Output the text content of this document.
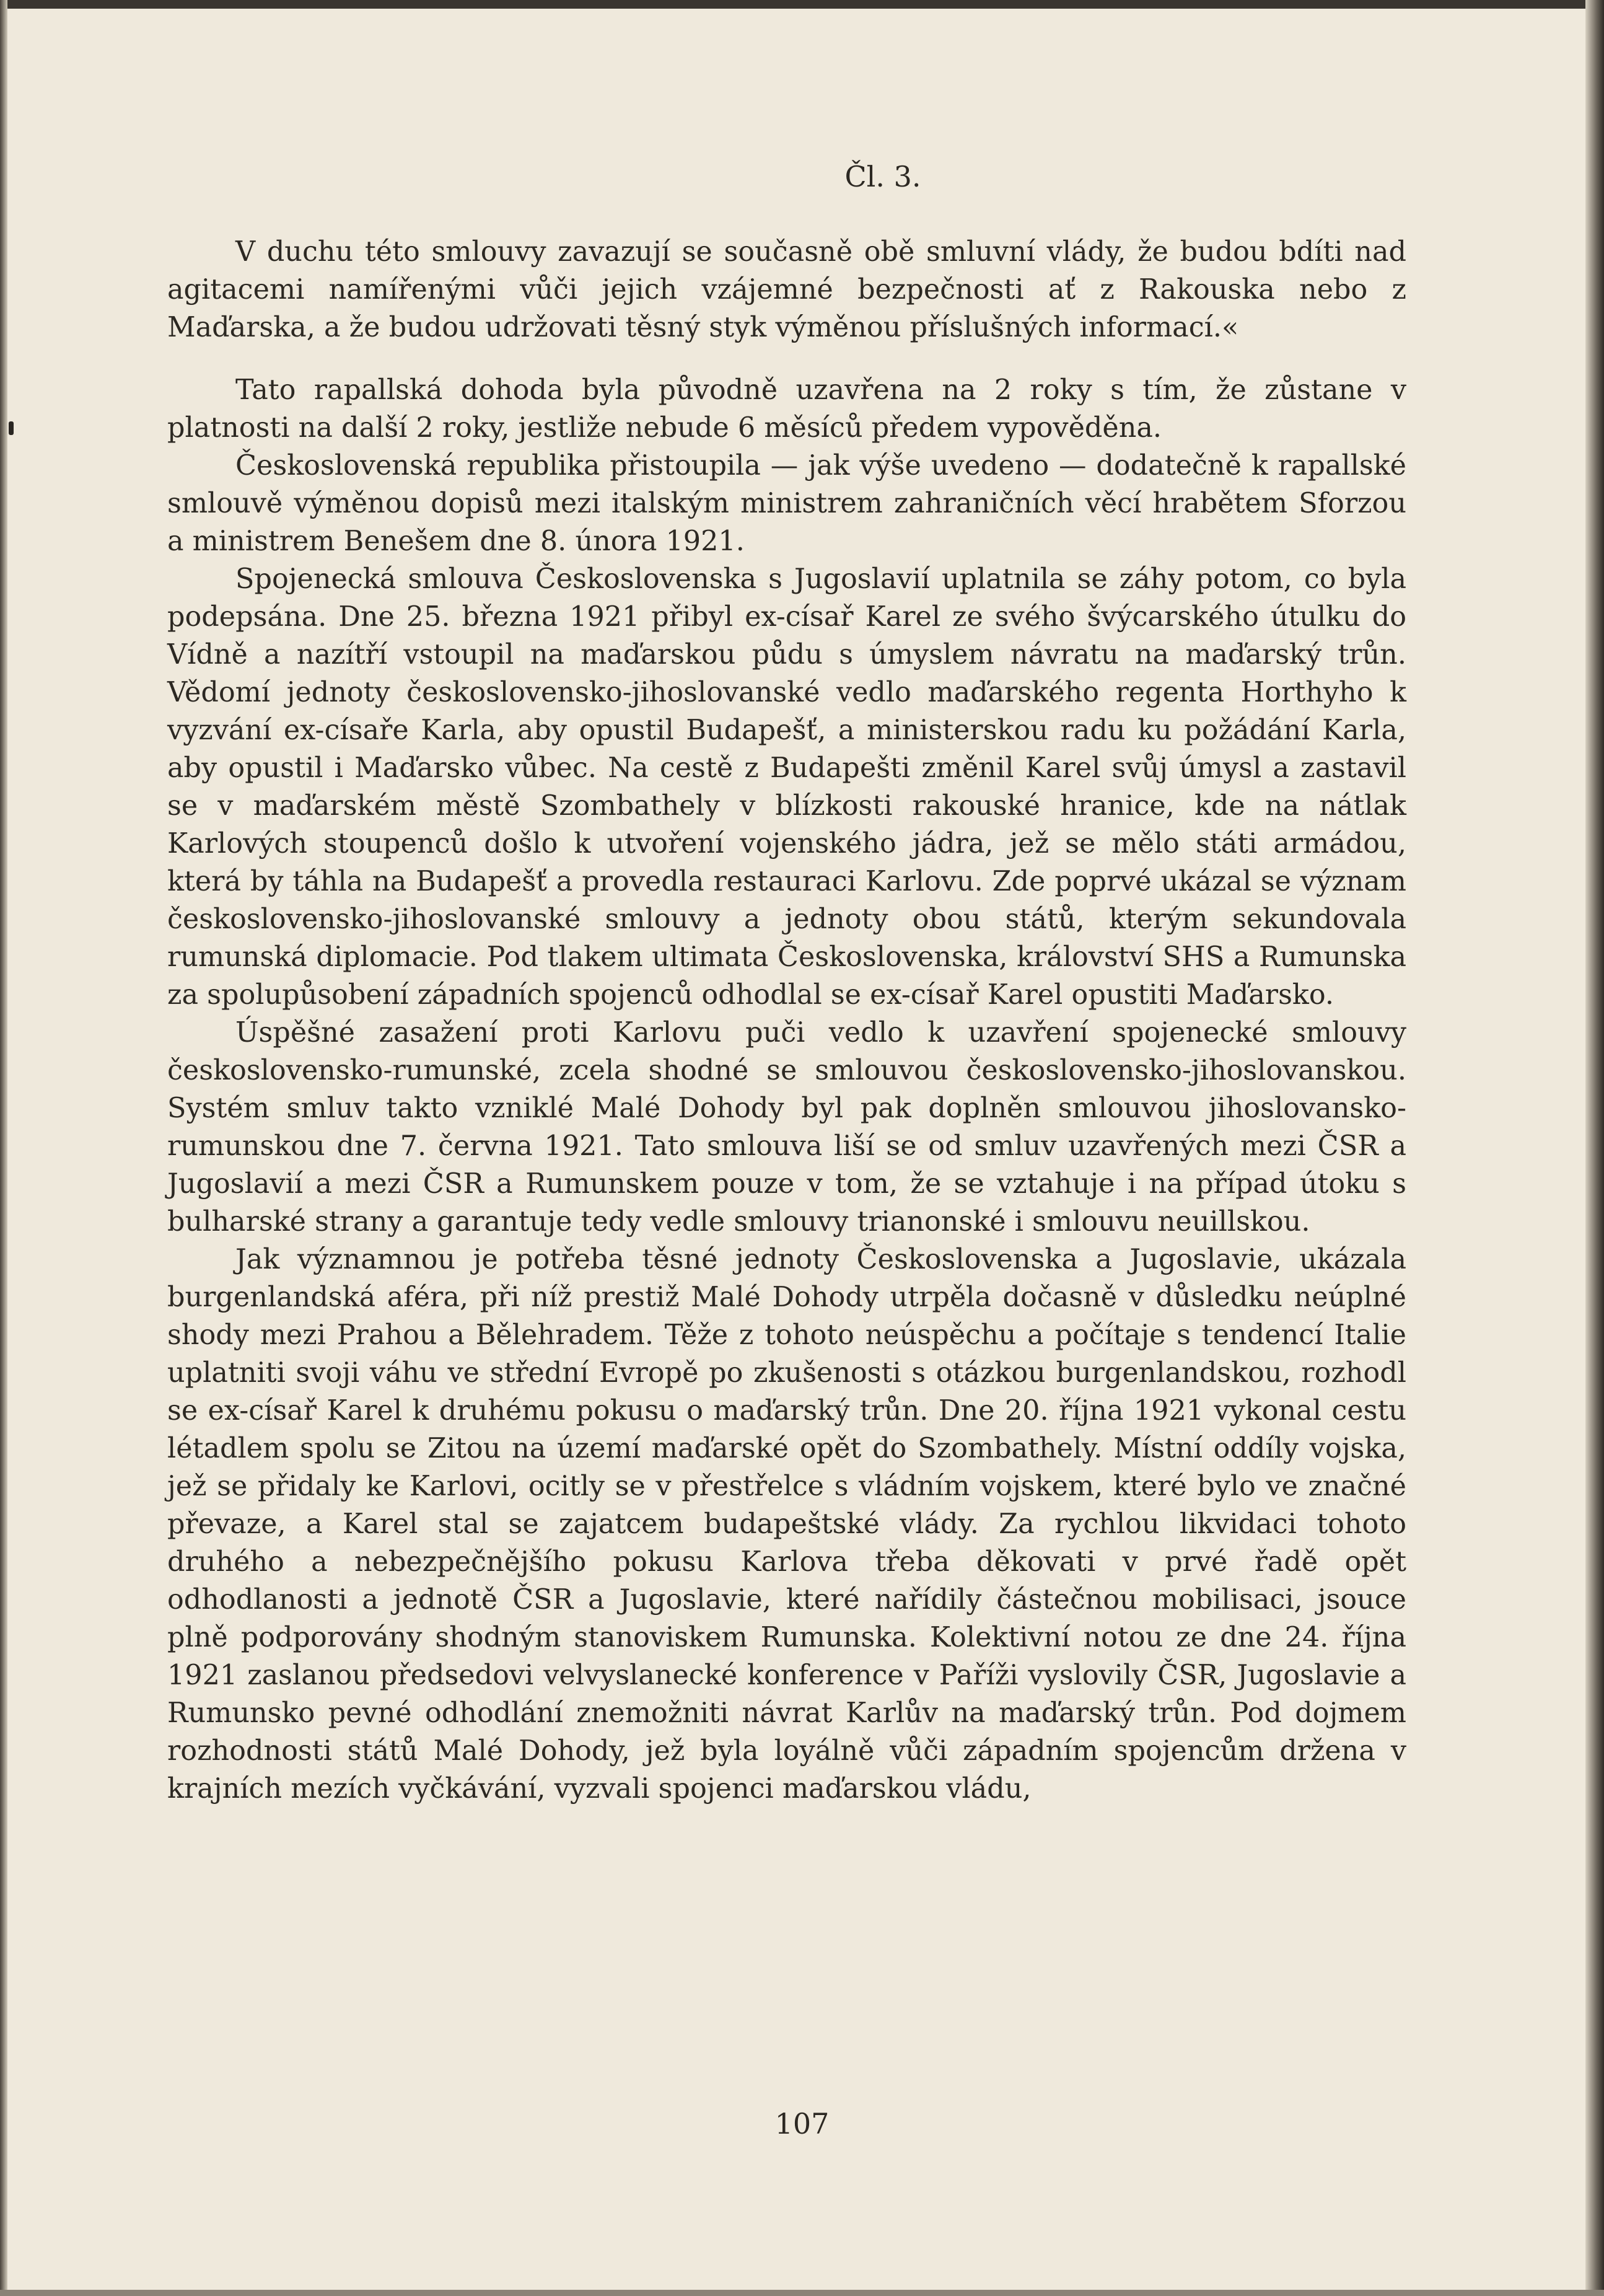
Čl. 3.

V duchu této smlouvy zavazují se současně obě smluvní vlády, že budou bdíti nad agitacemi namířenými vůči jejich vzájemné bezpečnosti ať z Rakouska nebo z Maďarska, a že budou udržovati těsný styk výměnou příslušných informací.«

Tato rapallská dohoda byla původně uzavřena na 2 roky s tím, že zůstane v platnosti na další 2 roky, jestliže nebude 6 měsíců předem vypověděna.

Československá republika přistoupila — jak výše uvedeno — dodatečně k rapallské smlouvě výměnou dopisů mezi italským ministrem zahraničních věcí hrabětem Sforzou a ministrem Benešem dne 8. února 1921.

Spojenecká smlouva Československa s Jugoslavií uplatnila se záhy potom, co byla podepsána. Dne 25. března 1921 přibyl ex-císař Karel ze svého švýcarského útulku do Vídně a nazítří vstoupil na maďarskou půdu s úmyslem návratu na maďarský trůn. Vědomí jednoty československo-jihoslovanské vedlo maďarského regenta Horthyho k vyzvání ex-císaře Karla, aby opustil Budapešť, a ministerskou radu ku požádání Karla, aby opustil i Maďarsko vůbec. Na cestě z Budapešti změnil Karel svůj úmysl a zastavil se v maďarském městě Szombathely v blízkosti rakouské hranice, kde na nátlak Karlových stoupenců došlo k utvoření vojenského jádra, jež se mělo státi armádou, která by táhla na Budapešť a provedla restauraci Karlovu. Zde poprvé ukázal se význam československo-jihoslovanské smlouvy a jednoty obou států, kterým sekundovala rumunská diplomacie. Pod tlakem ultimata Československa, království SHS a Rumunska za spolupůsobení západních spojenců odhodlal se ex-císař Karel opustiti Maďarsko.

Úspěšné zasažení proti Karlovu puči vedlo k uzavření spojenecké smlouvy československo-rumunské, zcela shodné se smlouvou československo-jihoslovanskou. Systém smluv takto vzniklé Malé Dohody byl pak doplněn smlouvou jihoslovansko-rumunskou dne 7. června 1921. Tato smlouva liší se od smluv uzavřených mezi ČSR a Jugoslavií a mezi ČSR a Rumunskem pouze v tom, že se vztahuje i na případ útoku s bulharské strany a garantuje tedy vedle smlouvy trianonské i smlouvu neuillskou.

Jak významnou je potřeba těsné jednoty Československa a Jugoslavie, ukázala burgenlandská aféra, při níž prestiž Malé Dohody utrpěla dočasně v důsledku neúplné shody mezi Prahou a Bělehradem. Těže z tohoto neúspěchu a počítaje s tendencí Italie uplatniti svoji váhu ve střední Evropě po zkušenosti s otázkou burgenlandskou, rozhodl se ex-císař Karel k druhému pokusu o maďarský trůn. Dne 20. října 1921 vykonal cestu létadlem spolu se Zitou na území maďarské opět do Szombathely. Místní oddíly vojska, jež se přidaly ke Karlovi, ocitly se v přestřelce s vládním vojskem, které bylo ve značné převaze, a Karel stal se zajatcem budapeštské vlády. Za rychlou likvidaci tohoto druhého a nebezpečnějšího pokusu Karlova třeba děkovati v prvé řadě opět odhodlanosti a jednotě ČSR a Jugoslavie, které nařídily částečnou mobilisaci, jsouce plně podporovány shodným stanoviskem Rumunska. Kolektivní notou ze dne 24. října 1921 zaslanou předsedovi velvyslanecké konference v Paříži vyslovily ČSR, Jugoslavie a Rumunsko pevné odhodlání znemožniti návrat Karlův na maďarský trůn. Pod dojmem rozhodnosti států Malé Dohody, jež byla loyálně vůči západním spojencům držena v krajních mezích vyčkávání, vyzvali spojenci maďarskou vládu,

107
